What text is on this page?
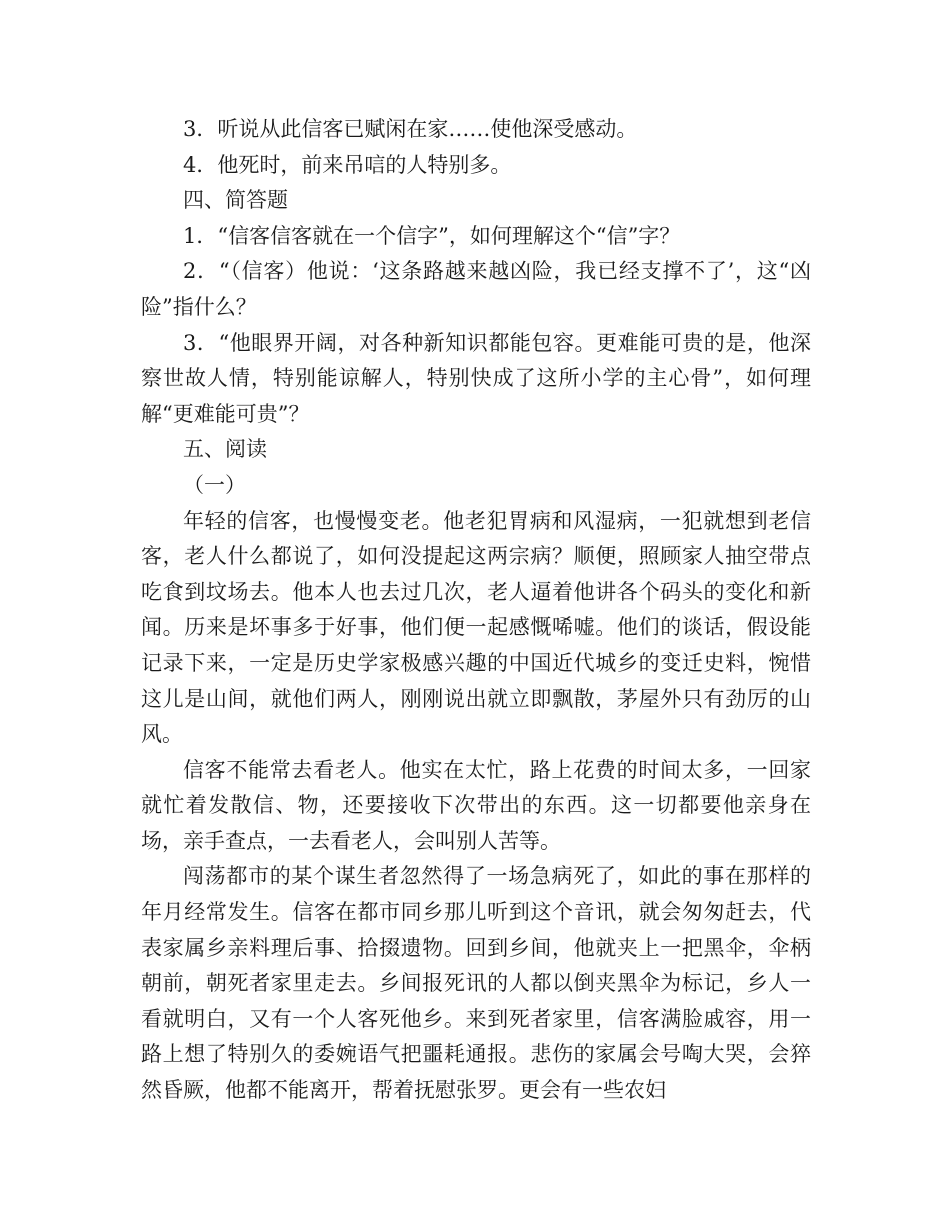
3．听说从此信客已赋闲在家……使他深受感动。

4．他死时，前来吊唁的人特别多。

四、简答题

1．“信客信客就在一个信字”，如何理解这个“信”字？

2．“（信客）他说：‘这条路越来越凶险，我已经支撑不了’，这“凶险”指什么？

3．“他眼界开阔，对各种新知识都能包容。更难能可贵的是，他深察世故人情，特别能谅解人，特别快成了这所小学的主心骨”，如何理解“更难能可贵”？

五、阅读

（一）

年轻的信客，也慢慢变老。他老犯胃病和风湿病，一犯就想到老信客，老人什么都说了，如何没提起这两宗病？顺便，照顾家人抽空带点吃食到坟场去。他本人也去过几次，老人逼着他讲各个码头的变化和新闻。历来是坏事多于好事，他们便一起感慨唏嘘。他们的谈话，假设能记录下来，一定是历史学家极感兴趣的中国近代城乡的变迁史料，惋惜这儿是山间，就他们两人，刚刚说出就立即飘散，茅屋外只有劲厉的山风。

信客不能常去看老人。他实在太忙，路上花费的时间太多，一回家就忙着发散信、物，还要接收下次带出的东西。这一切都要他亲身在场，亲手查点，一去看老人，会叫别人苦等。

闯荡都市的某个谋生者忽然得了一场急病死了，如此的事在那样的年月经常发生。信客在都市同乡那儿听到这个音讯，就会匆匆赶去，代表家属乡亲料理后事、拾掇遗物。回到乡间，他就夹上一把黑伞，伞柄朝前，朝死者家里走去。乡间报死讯的人都以倒夹黑伞为标记，乡人一看就明白，又有一个人客死他乡。来到死者家里，信客满脸戚容，用一路上想了特别久的委婉语气把噩耗通报。悲伤的家属会号啕大哭，会猝然昏厥，他都不能离开，帮着抚慰张罗。更会有一些农妇
